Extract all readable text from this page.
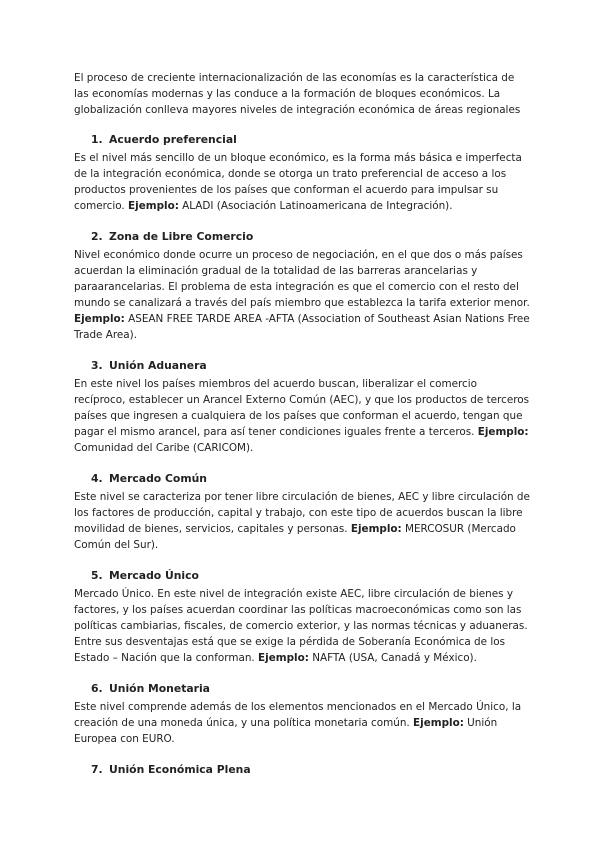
El proceso de creciente internacionalización de las economías es la característica de las economías modernas y las conduce a la formación de bloques económicos. La globalización conlleva mayores niveles de integración económica de áreas regionales

1. Acuerdo preferencial

Es el nivel más sencillo de un bloque económico, es la forma más básica e imperfecta de la integración económica, donde se otorga un trato preferencial de acceso a los productos provenientes de los países que conforman el acuerdo para impulsar su comercio. Ejemplo: ALADI (Asociación Latinoamericana de Integración).

2. Zona de Libre Comercio

Nivel económico donde ocurre un proceso de negociación, en el que dos o más países acuerdan la eliminación gradual de la totalidad de las barreras arancelarias y paraarancelarias. El problema de esta integración es que el comercio con el resto del mundo se canalizará a través del país miembro que establezca la tarifa exterior menor. Ejemplo: ASEAN FREE TARDE AREA -AFTA (Association of Southeast Asian Nations Free Trade Area).

3. Unión Aduanera

En este nivel los países miembros del acuerdo buscan, liberalizar el comercio recíproco, establecer un Arancel Externo Común (AEC), y que los productos de terceros países que ingresen a cualquiera de los países que conforman el acuerdo, tengan que pagar el mismo arancel, para así tener condiciones iguales frente a terceros. Ejemplo: Comunidad del Caribe (CARICOM).

4. Mercado Común

Este nivel se caracteriza por tener libre circulación de bienes, AEC y libre circulación de los factores de producción, capital y trabajo, con este tipo de acuerdos buscan la libre movilidad de bienes, servicios, capitales y personas. Ejemplo: MERCOSUR (Mercado Común del Sur).

5. Mercado Único

Mercado Único. En este nivel de integración existe AEC, libre circulación de bienes y factores, y los países acuerdan coordinar las políticas macroeconómicas como son las políticas cambiarias, fiscales, de comercio exterior, y las normas técnicas y aduaneras. Entre sus desventajas está que se exige la pérdida de Soberanía Económica de los Estado – Nación que la conforman. Ejemplo: NAFTA (USA, Canadá y México).

6. Unión Monetaria

Este nivel comprende además de los elementos mencionados en el Mercado Único, la creación de una moneda única, y una política monetaria común. Ejemplo: Unión Europea con EURO.

7. Unión Económica Plena
